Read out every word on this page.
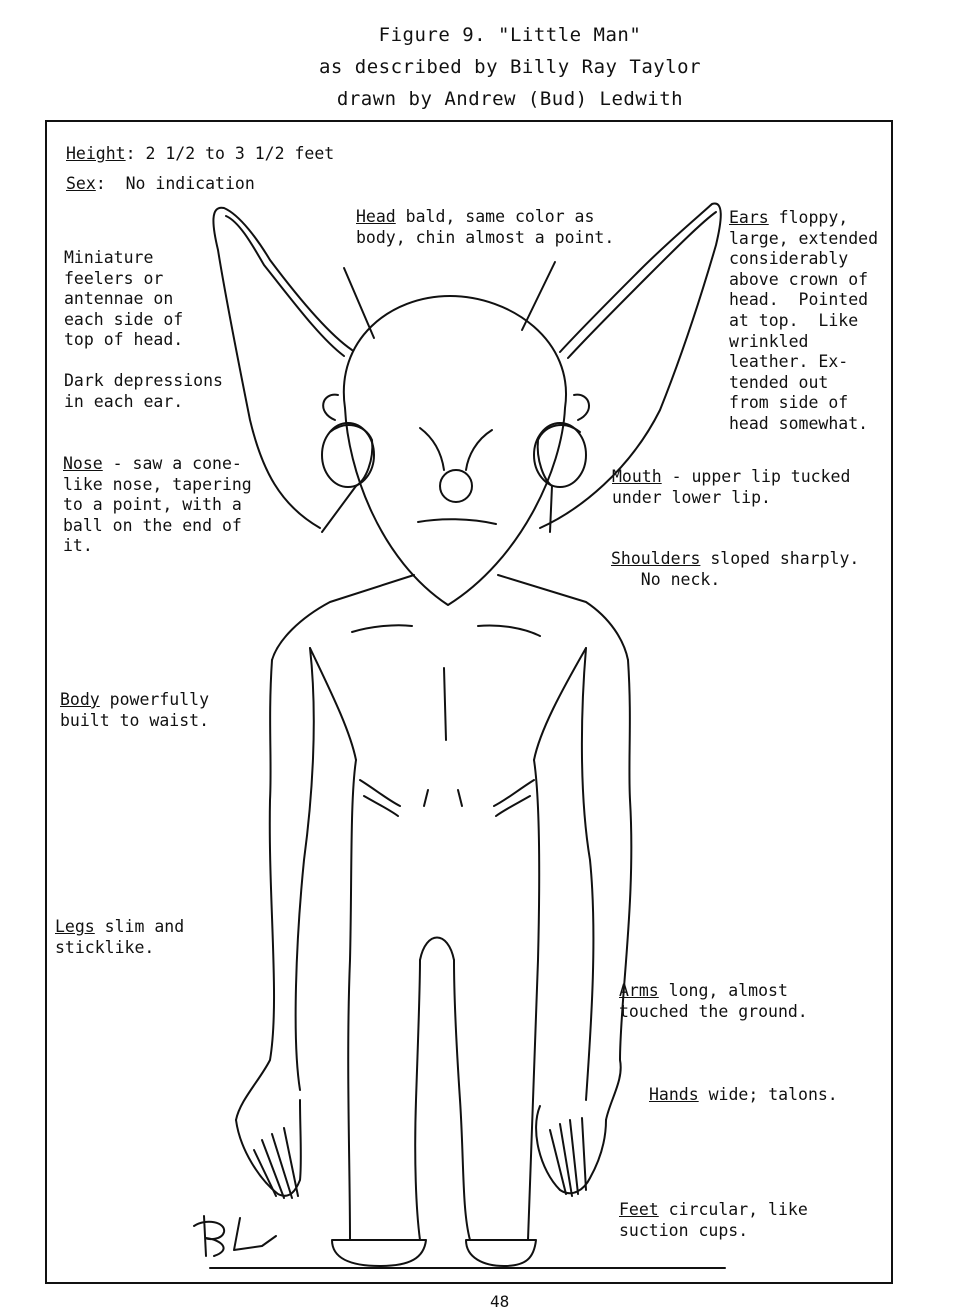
Figure 9. "Little Man"
as described by Billy Ray Taylor
drawn by Andrew (Bud) Ledwith
Height: 2 1/2 to 3 1/2 feet
Sex:  No indication
Head bald, same color as
body, chin almost a point.
Ears floppy,
large, extended
considerably
above crown of
head.  Pointed
at top.  Like
wrinkled
leather. Ex-
tended out
from side of
head somewhat.
Miniature
feelers or
antennae on
each side of
top of head.
Dark depressions
in each ear.
Nose - saw a cone-
like nose, tapering
to a point, with a
ball on the end of
it.
Mouth - upper lip tucked
under lower lip.
Shoulders sloped sharply.
No neck.
Body powerfully
built to waist.
Legs slim and
sticklike.
Arms long, almost
touched the ground.
Hands wide; talons.
Feet circular, like
suction cups.
48
